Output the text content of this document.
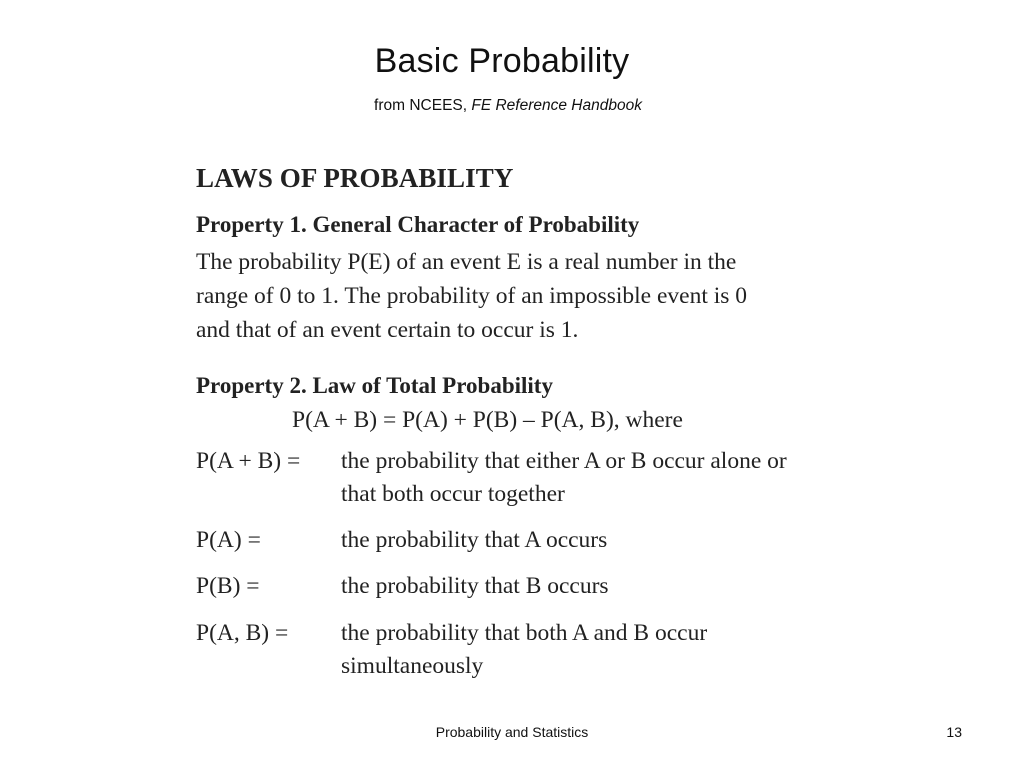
Basic Probability
from NCEES, FE Reference Handbook
LAWS OF PROBABILITY
Property 1. General Character of Probability
The probability P(E) of an event E is a real number in the
range of 0 to 1. The probability of an impossible event is 0
and that of an event certain to occur is 1.
Property 2. Law of Total Probability
P(A + B) = P(A) + P(B) – P(A, B), where
P(A + B) = the probability that either A or B occur alone or
that both occur together
P(A) =	the probability that A occurs
P(B) =	the probability that B occurs
P(A, B) = the probability that both A and B occur
simultaneously
Probability and Statistics	13
